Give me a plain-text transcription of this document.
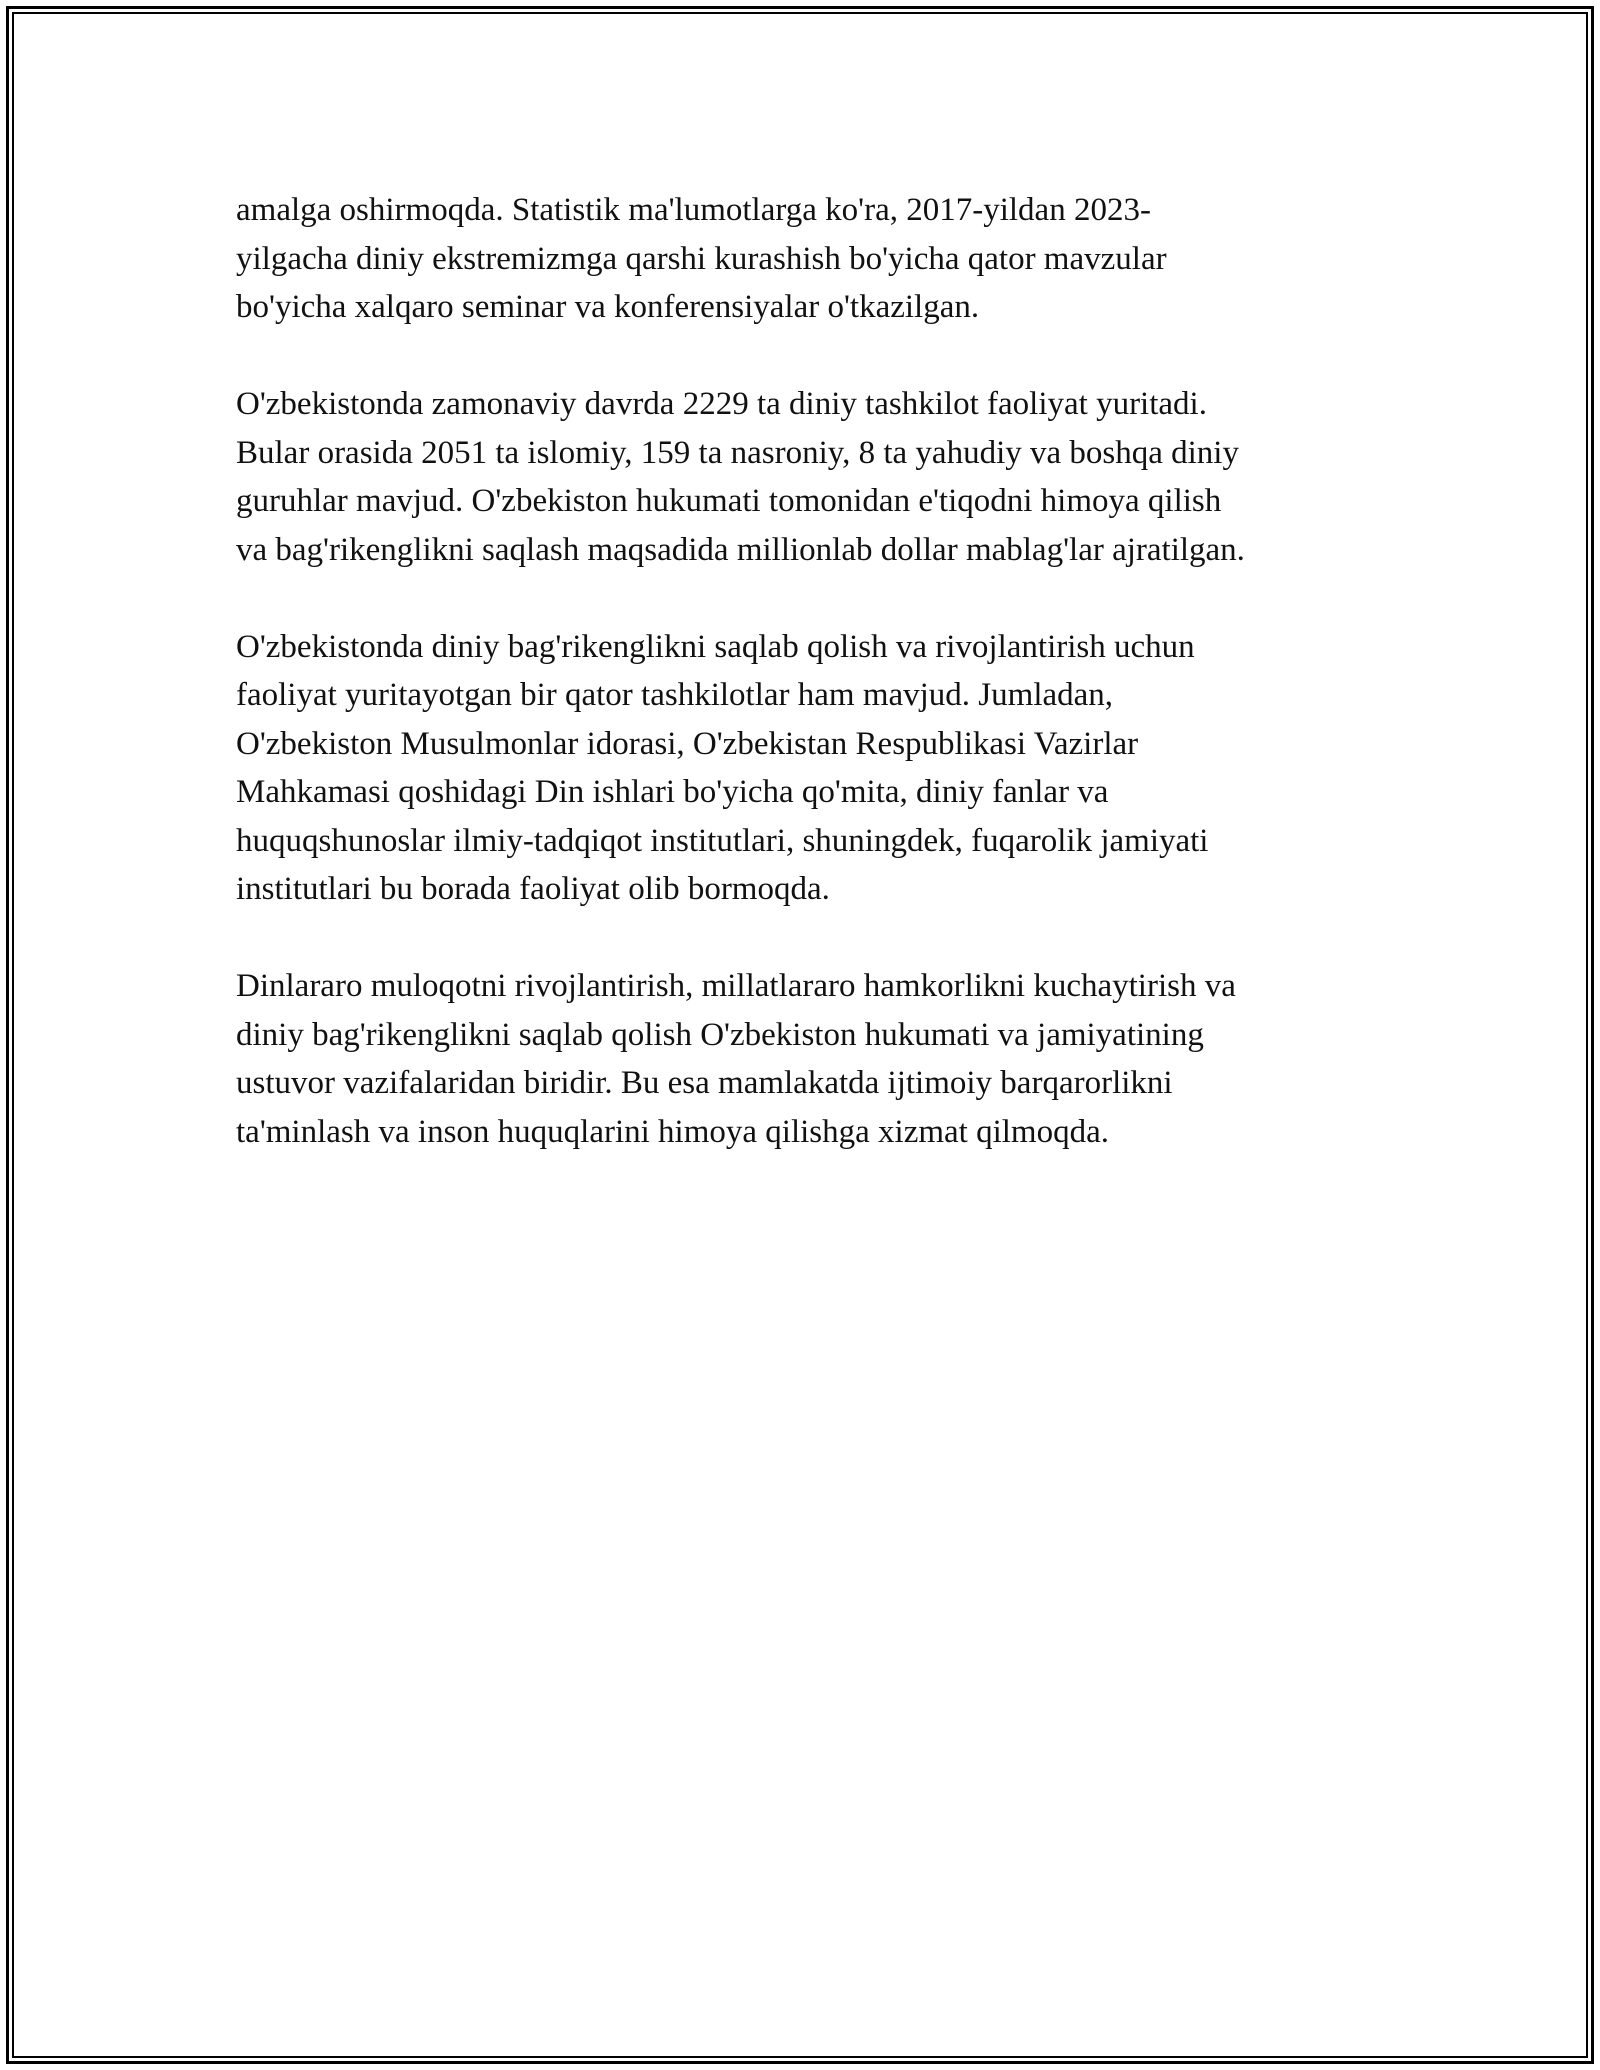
amalga oshirmoqda. Statistik ma'lumotlarga ko'ra, 2017-yildan 2023-
yilgacha diniy ekstremizmga qarshi kurashish bo'yicha qator mavzular
bo'yicha xalqaro seminar va konferensiyalar o'tkazilgan.

O'zbekistonda zamonaviy davrda 2229 ta diniy tashkilot faoliyat yuritadi.
Bular orasida 2051 ta islomiy, 159 ta nasroniy, 8 ta yahudiy va boshqa diniy
guruhlar mavjud. O'zbekiston hukumati tomonidan e'tiqodni himoya qilish
va bag'rikenglikni saqlash maqsadida millionlab dollar mablag'lar ajratilgan.

O'zbekistonda diniy bag'rikenglikni saqlab qolish va rivojlantirish uchun
faoliyat yuritayotgan bir qator tashkilotlar ham mavjud. Jumladan,
O'zbekiston Musulmonlar idorasi, O'zbekistan Respublikasi Vazirlar
Mahkamasi qoshidagi Din ishlari bo'yicha qo'mita, diniy fanlar va
huquqshunoslar ilmiy-tadqiqot institutlari, shuningdek, fuqarolik jamiyati
institutlari bu borada faoliyat olib bormoqda.

Dinlararo muloqotni rivojlantirish, millatlararo hamkorlikni kuchaytirish va
diniy bag'rikenglikni saqlab qolish O'zbekiston hukumati va jamiyatining
ustuvor vazifalaridan biridir. Bu esa mamlakatda ijtimoiy barqarorlikni
ta'minlash va inson huquqlarini himoya qilishga xizmat qilmoqda.
